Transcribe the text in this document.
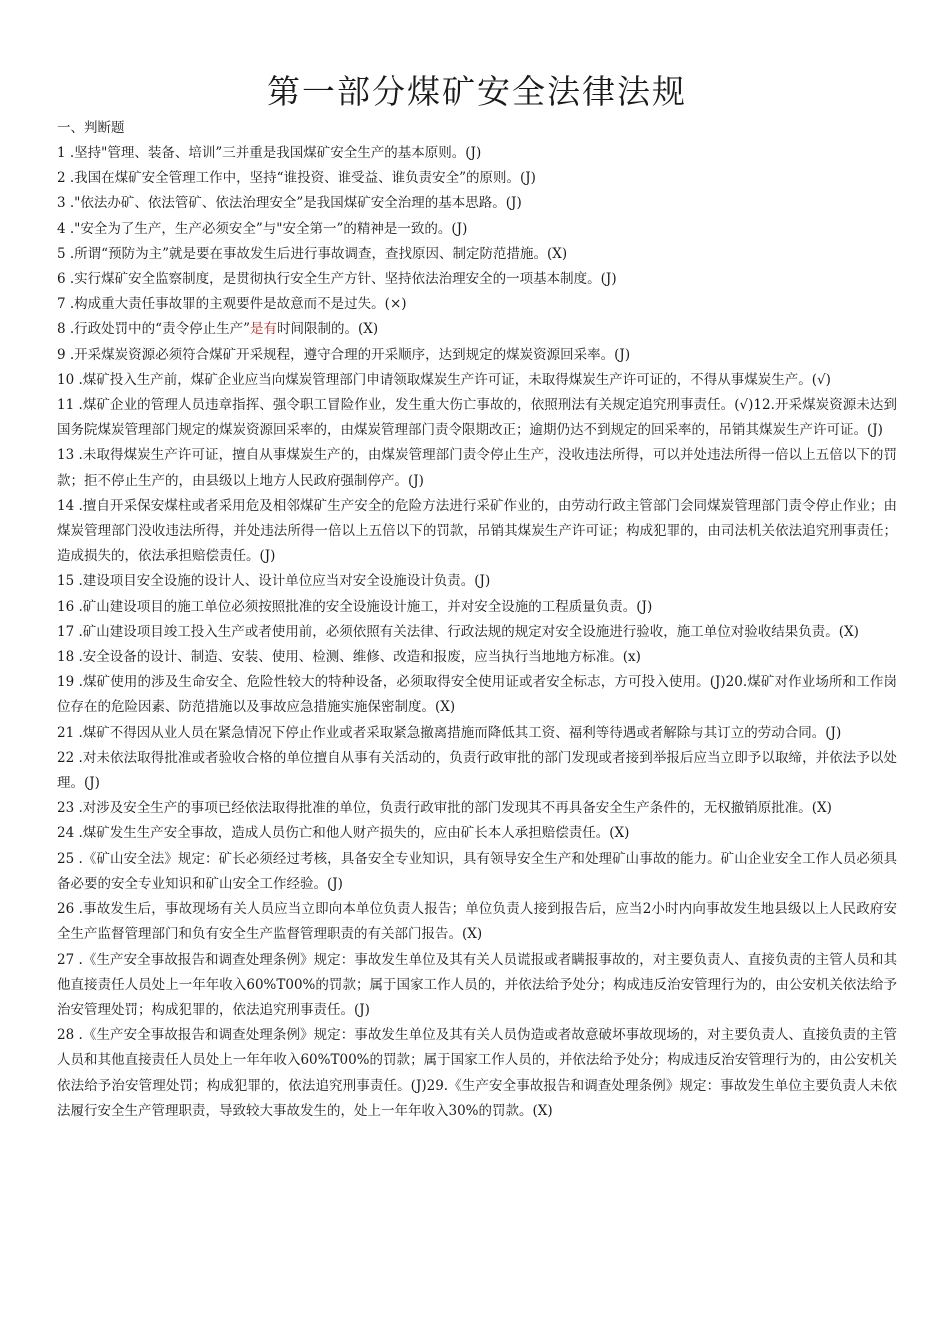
第一部分煤矿安全法律法规

一、判断题

1 .坚持"管理、装备、培训”三并重是我国煤矿安全生产的基本原则。(J)

2 .我国在煤矿安全管理工作中，坚持“谁投资、谁受益、谁负责安全”的原则。(J)

3 ."依法办矿、依法管矿、依法治理安全”是我国煤矿安全治理的基本思路。(J)

4 ."安全为了生产，生产必须安全”与"安全第一”的精神是一致的。(J)

5 .所谓“预防为主”就是要在事故发生后进行事故调查，查找原因、制定防范措施。(X)

6 .实行煤矿安全监察制度，是贯彻执行安全生产方针、坚持依法治理安全的一项基本制度。(J)

7 .构成重大责任事故罪的主观要件是故意而不是过失。(×)

8 .行政处罚中的“责令停止生产”是有时间限制的。(X)

9 .开采煤炭资源必须符合煤矿开采规程，遵守合理的开采顺序，达到规定的煤炭资源回采率。(J)

10 .煤矿投入生产前，煤矿企业应当向煤炭管理部门申请领取煤炭生产许可证，未取得煤炭生产许可证的，不得从事煤炭生产。(√)

11 .煤矿企业的管理人员违章指挥、强令职工冒险作业，发生重大伤亡事故的，依照刑法有关规定追究刑事责任。(√)12.开采煤炭资源未达到国务院煤炭管理部门规定的煤炭资源回采率的，由煤炭管理部门责令限期改正；逾期仍达不到规定的回采率的，吊销其煤炭生产许可证。(J)

13 .未取得煤炭生产许可证，擅自从事煤炭生产的，由煤炭管理部门责令停止生产，没收违法所得，可以并处违法所得一倍以上五倍以下的罚款；拒不停止生产的，由县级以上地方人民政府强制停产。(J)

14 .擅自开采保安煤柱或者采用危及相邻煤矿生产安全的危险方法进行采矿作业的，由劳动行政主管部门会同煤炭管理部门责令停止作业；由煤炭管理部门没收违法所得，并处违法所得一倍以上五倍以下的罚款，吊销其煤炭生产许可证；构成犯罪的，由司法机关依法追究刑事责任；造成损失的，依法承担赔偿责任。(J)

15 .建设项目安全设施的设计人、设计单位应当对安全设施设计负责。(J)

16 .矿山建设项目的施工单位必须按照批准的安全设施设计施工，并对安全设施的工程质量负责。(J)

17 .矿山建设项目竣工投入生产或者使用前，必须依照有关法律、行政法规的规定对安全设施进行验收，施工单位对验收结果负责。(X)

18 .安全设备的设计、制造、安装、使用、检测、维修、改造和报废，应当执行当地地方标准。(x)

19 .煤矿使用的涉及生命安全、危险性较大的特种设备，必须取得安全使用证或者安全标志，方可投入使用。(J)20.煤矿对作业场所和工作岗位存在的危险因素、防范措施以及事故应急措施实施保密制度。(X)

21 .煤矿不得因从业人员在紧急情况下停止作业或者采取紧急撤离措施而降低其工资、福利等待遇或者解除与其订立的劳动合同。(J)

22 .对未依法取得批准或者验收合格的单位擅自从事有关活动的，负责行政审批的部门发现或者接到举报后应当立即予以取缔，并依法予以处理。(J)

23 .对涉及安全生产的事项已经依法取得批准的单位，负责行政审批的部门发现其不再具备安全生产条件的，无权撤销原批准。(X)

24 .煤矿发生生产安全事故，造成人员伤亡和他人财产损失的，应由矿长本人承担赔偿责任。(X)

25 .《矿山安全法》规定：矿长必须经过考核，具备安全专业知识，具有领导安全生产和处理矿山事故的能力。矿山企业安全工作人员必须具备必要的安全专业知识和矿山安全工作经验。(J)

26 .事故发生后，事故现场有关人员应当立即向本单位负责人报告；单位负责人接到报告后，应当2小时内向事故发生地县级以上人民政府安全生产监督管理部门和负有安全生产监督管理职责的有关部门报告。(X)

27 .《生产安全事故报告和调查处理条例》规定：事故发生单位及其有关人员谎报或者瞒报事故的，对主要负责人、直接负责的主管人员和其他直接责任人员处上一年年收入60%T00%的罚款；属于国家工作人员的，并依法给予处分；构成违反治安管理行为的，由公安机关依法给予治安管理处罚；构成犯罪的，依法追究刑事责任。(J)

28 .《生产安全事故报告和调查处理条例》规定：事故发生单位及其有关人员伪造或者故意破坏事故现场的，对主要负责人、直接负责的主管人员和其他直接责任人员处上一年年收入60%T00%的罚款；属于国家工作人员的，并依法给予处分；构成违反治安管理行为的，由公安机关依法给予治安管理处罚；构成犯罪的，依法追究刑事责任。(J)29.《生产安全事故报告和调查处理条例》规定：事故发生单位主要负责人未依法履行安全生产管理职责，导致较大事故发生的，处上一年年收入30%的罚款。(X)
